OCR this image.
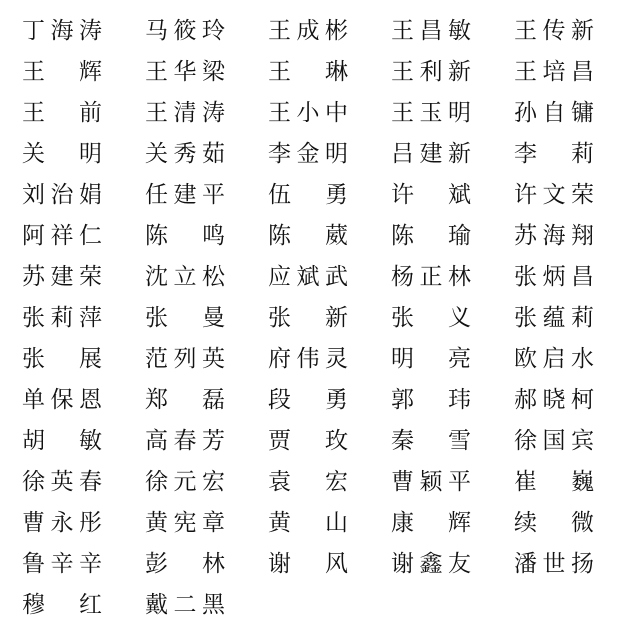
丁 海 涛 马 筱 玲 王 成 彬 王 昌 敏 王 传 新
王 辉 王 华 梁 王 琳 王 利 新 王 培 昌
王 前 王 清 涛 王 小 中 王 玉 明 孙 自 镛
关 明 关 秀 茹 李 金 明 吕 建 新 李 莉
刘 治 娟 任 建 平 伍 勇 许 斌 许 文 荣
阿 祥 仁 陈 鸣 陈 葳 陈 瑜 苏 海 翔
苏 建 荣 沈 立 松 应 斌 武 杨 正 林 张 炳 昌
张 莉 萍 张 曼 张 新 张 义 张 蕴 莉
张 展 范 列 英 府 伟 灵 明 亮 欧 启 水
单 保 恩 郑 磊 段 勇 郭 玮 郝 晓 柯
胡 敏 高 春 芳 贾 玫 秦 雪 徐 国 宾
徐 英 春 徐 元 宏 袁 宏 曹 颖 平 崔 巍
曹 永 彤 黄 宪 章 黄 山 康 辉 续 微
鲁 辛 辛 彭 林 谢 风 谢 鑫 友 潘 世 扬
穆 红 戴 二 黑
